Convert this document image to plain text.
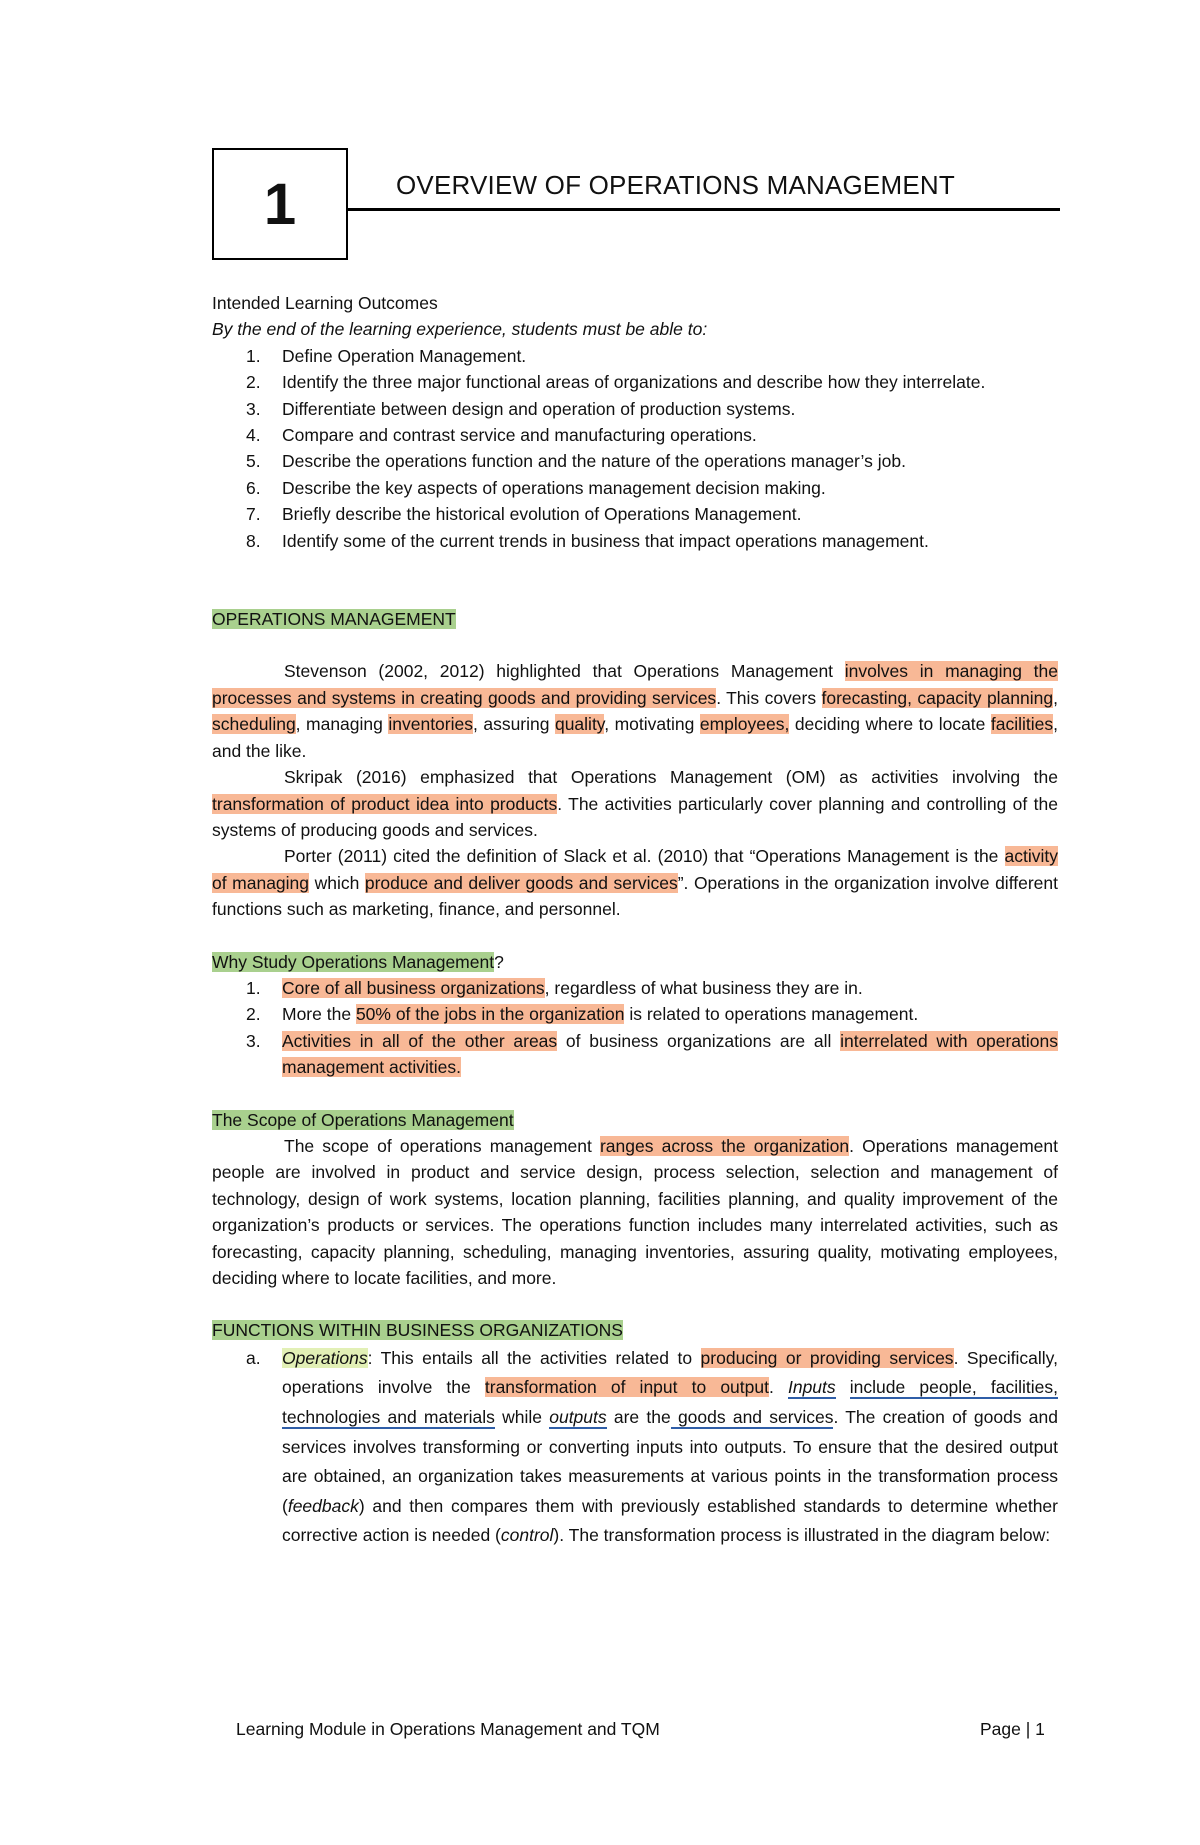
1	OVERVIEW OF OPERATIONS MANAGEMENT

Intended Learning Outcomes

By the end of the learning experience, students must be able to:

1. Define Operation Management.
2. Identify the three major functional areas of organizations and describe how they interrelate.
3. Differentiate between design and operation of production systems.
4. Compare and contrast service and manufacturing operations.
5. Describe the operations function and the nature of the operations manager’s job.
6. Describe the key aspects of operations management decision making.
7. Briefly describe the historical evolution of Operations Management.
8. Identify some of the current trends in business that impact operations management.

OPERATIONS MANAGEMENT

Stevenson (2002, 2012) highlighted that Operations Management involves in managing the processes and systems in creating goods and providing services. This covers forecasting, capacity planning, scheduling, managing inventories, assuring quality, motivating employees, deciding where to locate facilities, and the like.

Skripak (2016) emphasized that Operations Management (OM) as activities involving the transformation of product idea into products. The activities particularly cover planning and controlling of the systems of producing goods and services.

Porter (2011) cited the definition of Slack et al. (2010) that “Operations Management is the activity of managing which produce and deliver goods and services”. Operations in the organization involve different functions such as marketing, finance, and personnel.

Why Study Operations Management?

1. Core of all business organizations, regardless of what business they are in.
2. More the 50% of the jobs in the organization is related to operations management.
3. Activities in all of the other areas of business organizations are all interrelated with operations management activities.

The Scope of Operations Management

The scope of operations management ranges across the organization. Operations management people are involved in product and service design, process selection, selection and management of technology, design of work systems, location planning, facilities planning, and quality improvement of the organization’s products or services. The operations function includes many interrelated activities, such as forecasting, capacity planning, scheduling, managing inventories, assuring quality, motivating employees, deciding where to locate facilities, and more.

FUNCTIONS WITHIN BUSINESS ORGANIZATIONS

a. Operations: This entails all the activities related to producing or providing services. Specifically, operations involve the transformation of input to output. Inputs include people, facilities, technologies and materials while outputs are the goods and services. The creation of goods and services involves transforming or converting inputs into outputs. To ensure that the desired output are obtained, an organization takes measurements at various points in the transformation process (feedback) and then compares them with previously established standards to determine whether corrective action is needed (control). The transformation process is illustrated in the diagram below:
Learning Module in Operations Management and TQM	Page | 1
